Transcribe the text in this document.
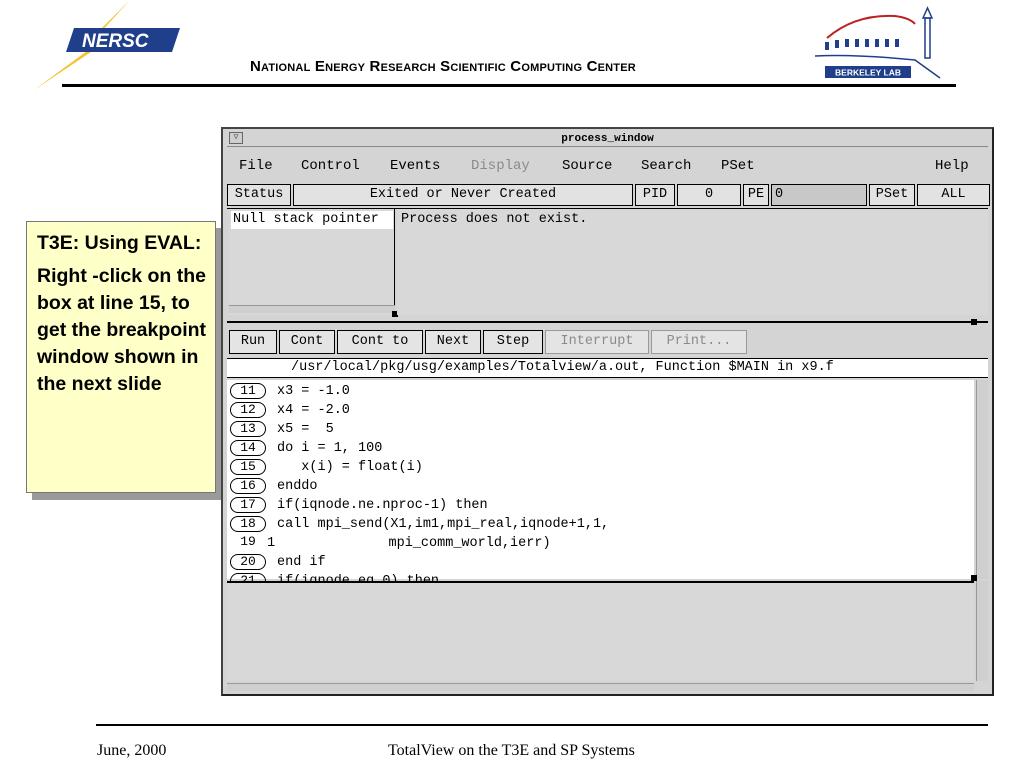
NERSC
National Energy Research Scientific Computing Center	BERKELEY LAB

T3E: Using EVAL:

Right -click on the box at line 15, to get the breakpoint window shown in the next slide

process_window
▽
File Control Events Display Source Search PSet	Help
Status	Exited or Never Created	PID	0	PE 0	PSet	ALL
Null stack pointer	Process does not exist.
Run	Cont	Cont to	Next	Step	Interrupt	Print...
/usr/local/pkg/usg/examples/Totalview/a.out, Function $MAIN in x9.f
11	x3 = -1.0
12	x4 = -2.0
13	x5 =  5
14	do i = 1, 100
15	x(i) = float(i)
16	enddo
17	if(iqnode.ne.nproc-1) then
18	call mpi_send(X1,im1,mpi_real,iqnode+1,1,
19 1              mpi_comm_world,ierr)
20	end if
June, 2000	TotalView on the T3E and SP Systems
